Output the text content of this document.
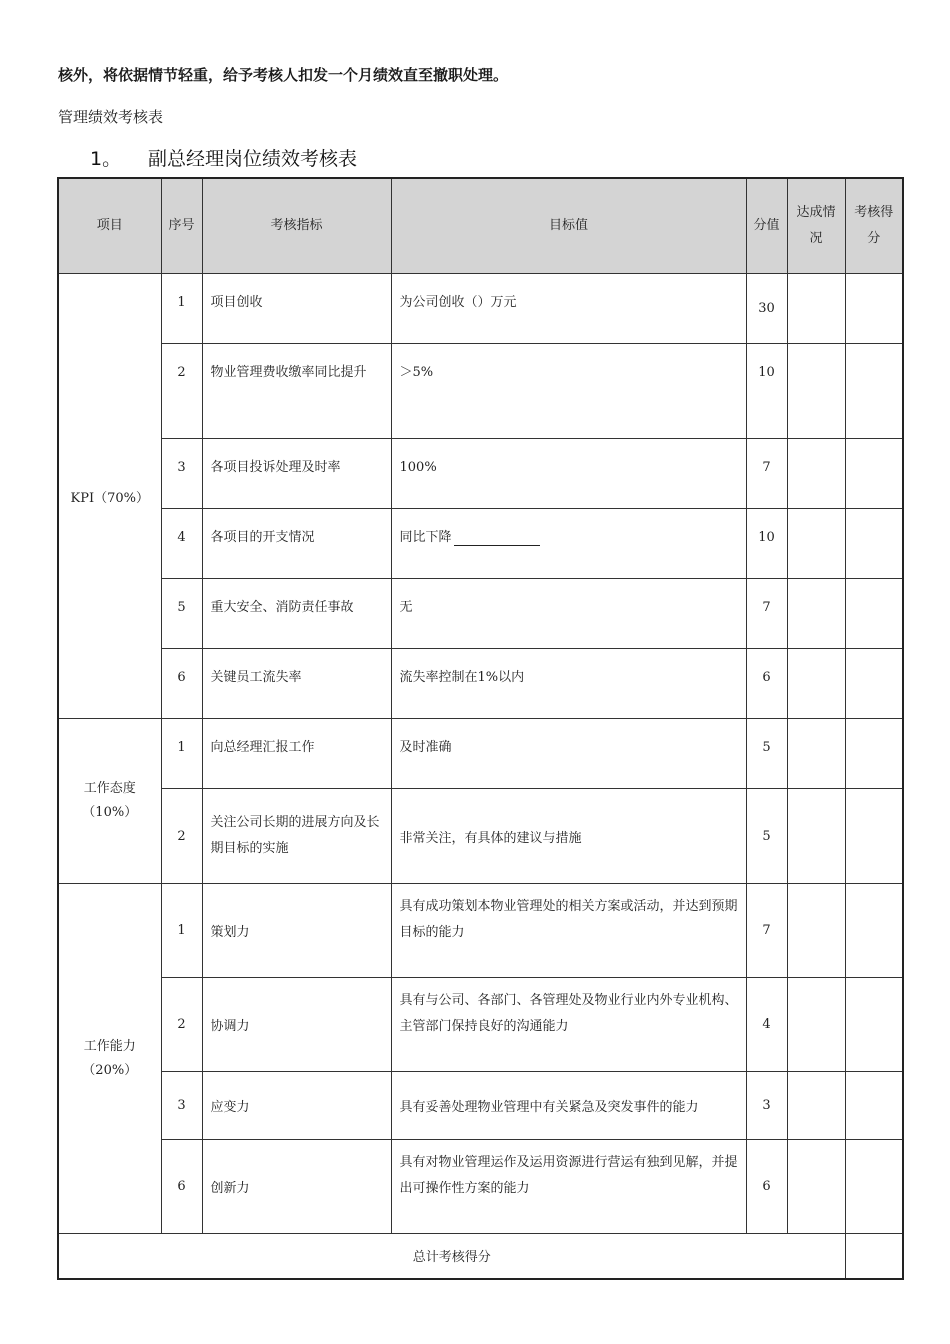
核外，将依据情节轻重，给予考核人扣发一个月绩效直至撤职处理。
管理绩效考核表
1。 副总经理岗位绩效考核表
项目	序号	考核指标	目标值	分值	达成情况	考核得分
KPI（70%）	1	项目创收	为公司创收（）万元	30		
	2	物业管理费收缴率同比提升	＞5%	10		
	3	各项目投诉处理及时率	100%	7		
	4	各项目的开支情况	同比下降	10		
	5	重大安全、消防责任事故	无	7		
	6	关键员工流失率	流失率控制在1%以内	6		
工作态度（10%）	1	向总经理汇报工作	及时准确	5		
	2	关注公司长期的进展方向及长期目标的实施	非常关注，有具体的建议与措施	5		
工作能力（20%）	1	策划力	具有成功策划本物业管理处的相关方案或活动，并达到预期目标的能力	7		
	2	协调力	具有与公司、各部门、各管理处及物业行业内外专业机构、主管部门保持良好的沟通能力	4		
	3	应变力	具有妥善处理物业管理中有关紧急及突发事件的能力	3		
	6	创新力	具有对物业管理运作及运用资源进行营运有独到见解，并提出可操作性方案的能力	6		
总计考核得分						
